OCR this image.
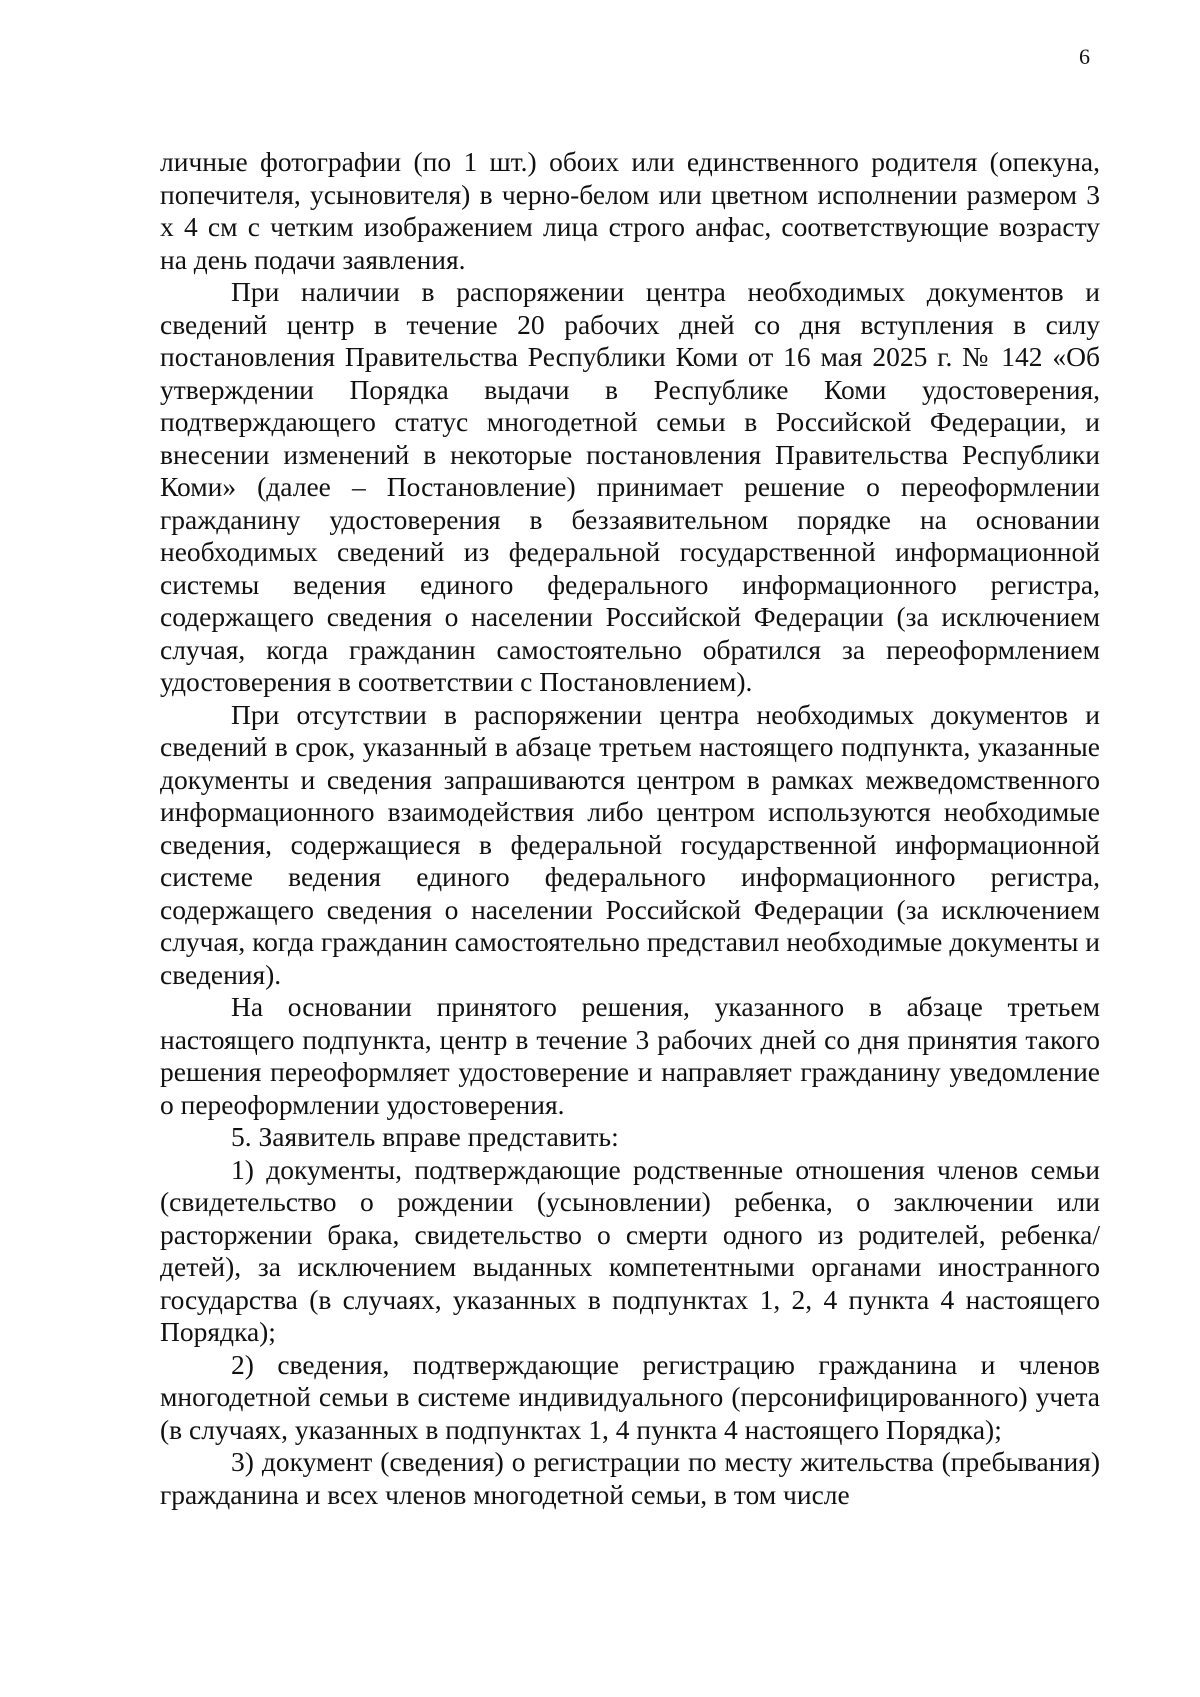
6

личные фотографии (по 1 шт.) обоих или единственного родителя (опекуна, попечителя, усыновителя) в черно-белом или цветном исполнении размером 3 х 4 см с четким изображением лица строго анфас, соответствующие возрасту на день подачи заявления.

При наличии в распоряжении центра необходимых документов и сведений центр в течение 20 рабочих дней со дня вступления в силу постановления Правительства Республики Коми от 16 мая 2025 г. № 142 «Об утверждении Порядка выдачи в Республике Коми удостоверения, подтверждающего статус многодетной семьи в Российской Федерации, и внесении изменений в некоторые постановления Правительства Республики Коми» (далее – Постановление) принимает решение о переоформлении гражданину удостоверения в беззаявительном порядке на основании необходимых сведений из федеральной государственной информационной системы ведения единого федерального информационного регистра, содержащего сведения о населении Российской Федерации (за исключением случая, когда гражданин самостоятельно обратился за переоформлением удостоверения в соответствии с Постановлением).

При отсутствии в распоряжении центра необходимых документов и сведений в срок, указанный в абзаце третьем настоящего подпункта, указанные документы и сведения запрашиваются центром в рамках межведомственного информационного взаимодействия либо центром используются необходимые сведения, содержащиеся в федеральной государственной информационной системе ведения единого федерального информационного регистра, содержащего сведения о населении Российской Федерации (за исключением случая, когда гражданин самостоятельно представил необходимые документы и сведения).

На основании принятого решения, указанного в абзаце третьем настоящего подпункта, центр в течение 3 рабочих дней со дня принятия такого решения переоформляет удостоверение и направляет гражданину уведомление о переоформлении удостоверения.

5. Заявитель вправе представить:

1) документы, подтверждающие родственные отношения членов семьи (свидетельство о рождении (усыновлении) ребенка, о заключении или расторжении брака, свидетельство о смерти одного из родителей, ребенка/детей), за исключением выданных компетентными органами иностранного государства (в случаях, указанных в подпунктах 1, 2, 4 пункта 4 настоящего Порядка);

2) сведения, подтверждающие регистрацию гражданина и членов многодетной семьи в системе индивидуального (персонифицированного) учета (в случаях, указанных в подпунктах 1, 4 пункта 4 настоящего Порядка);

3) документ (сведения) о регистрации по месту жительства (пребывания) гражданина и всех членов многодетной семьи, в том числе
